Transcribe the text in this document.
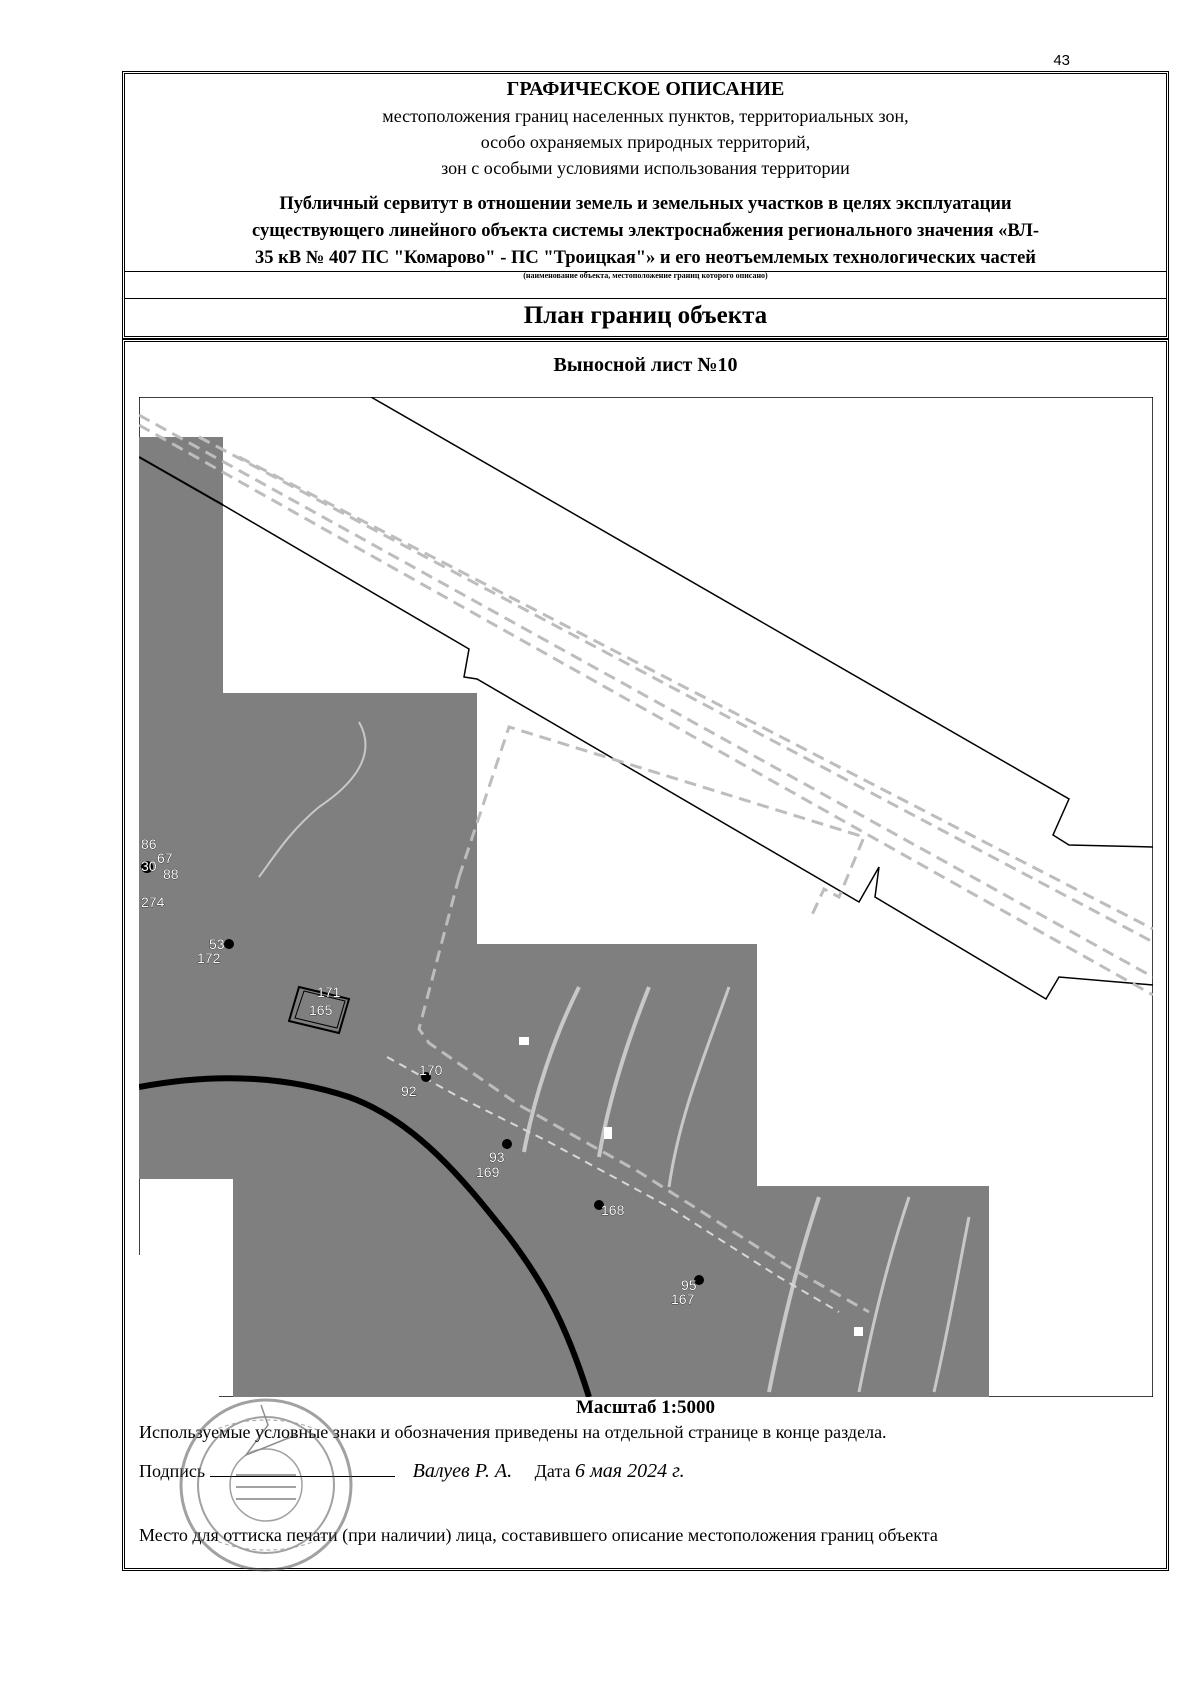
43
ГРАФИЧЕСКОЕ ОПИСАНИЕ
местоположения границ населенных пунктов, территориальных зон,
особо охраняемых природных территорий,
зон с особыми условиями использования территории
Публичный сервитут в отношении земель и земельных участков в целях эксплуатации
существующего линейного объекта системы электроснабжения регионального значения «ВЛ-
35 кВ № 407 ПС "Комарово" - ПС "Троицкая"» и его неотъемлемых технологических частей
(наименование объекта, местоположение границ которого описано)
План границ объекта
Выносной лист №10
86
67
30 88
274
53
172
171
165
170
92
93
169
168
95
167
Масштаб 1:5000
Используемые условные знаки и обозначения приведены на отдельной странице в конце раздела.
Подпись	Валуев Р. А. Дата 6 мая 2024 г.
Место для оттиска печати (при наличии) лица, составившего описание местоположения границ объекта
